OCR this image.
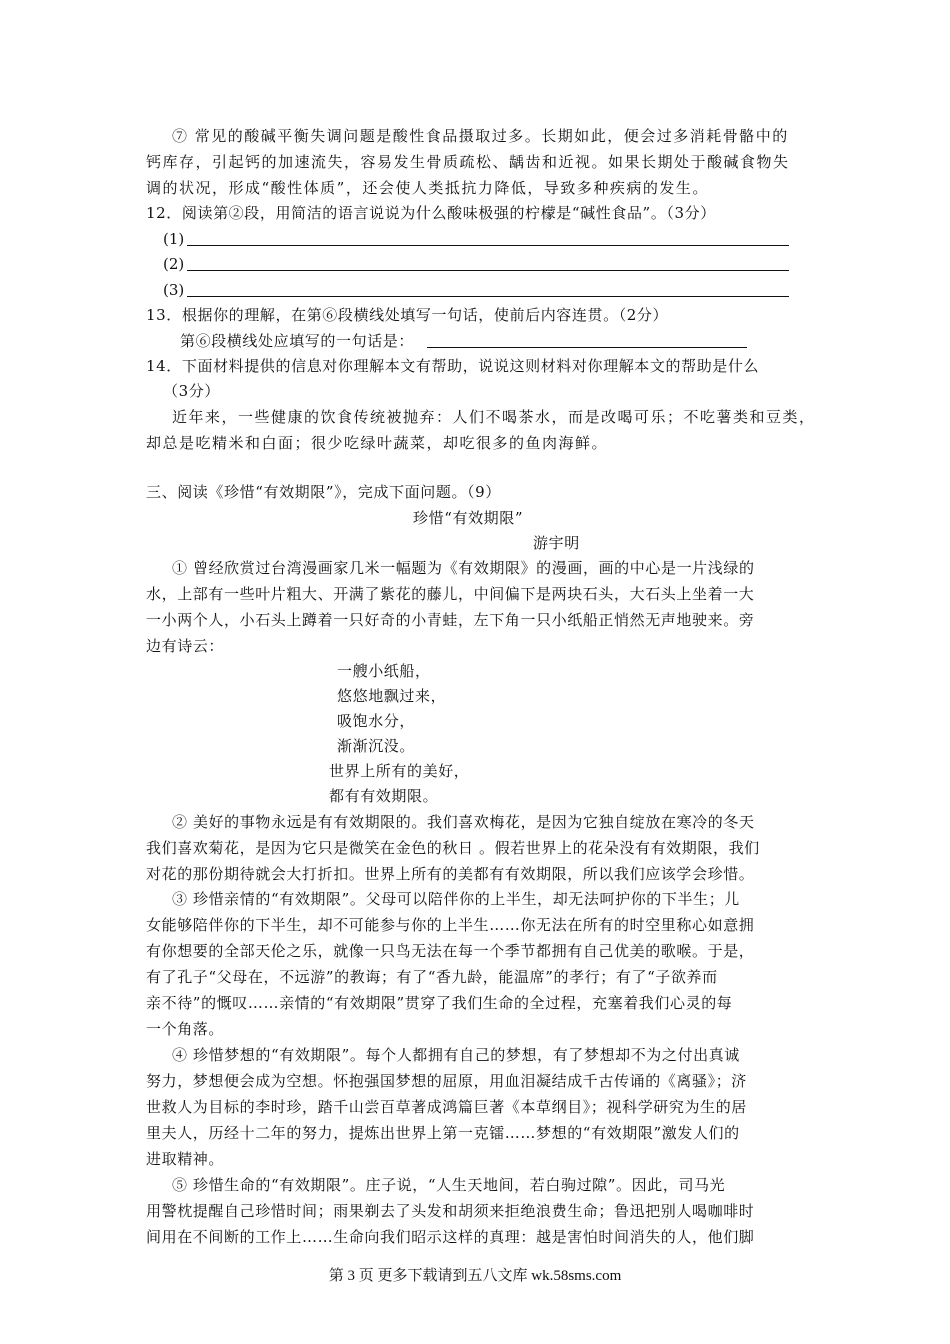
⑦ 常见的酸碱平衡失调问题是酸性食品摄取过多。长期如此，便会过多消耗骨骼中的
钙库存，引起钙的加速流失，容易发生骨质疏松、龋齿和近视。如果长期处于酸碱食物失
调的状况，形成“酸性体质”，还会使人类抵抗力降低，导致多种疾病的发生。
12．阅读第②段，用简洁的语言说说为什么酸味极强的柠檬是“碱性食品”。（3分）
(1)
(2)
(3)
13．根据你的理解，在第⑥段横线处填写一句话，使前后内容连贯。（2分）
第⑥段横线处应填写的一句话是：
14．下面材料提供的信息对你理解本文有帮助，说说这则材料对你理解本文的帮助是什么
（3分）
近年来，一些健康的饮食传统被抛弃：人们不喝茶水，而是改喝可乐；不吃薯类和豆类，
却总是吃精米和白面；很少吃绿叶蔬菜，却吃很多的鱼肉海鲜。
三、阅读《珍惜“有效期限”》，完成下面问题。（9）
珍惜“有效期限”
游宇明
① 曾经欣赏过台湾漫画家几米一幅题为《有效期限》的漫画，画的中心是一片浅绿的
水，上部有一些叶片粗大、开满了紫花的藤儿，中间偏下是两块石头，大石头上坐着一大
一小两个人，小石头上蹲着一只好奇的小青蛙，左下角一只小纸船正悄然无声地驶来。旁
边有诗云：
一艘小纸船，
悠悠地飘过来，
吸饱水分，
渐渐沉没。
世界上所有的美好，
都有有效期限。
② 美好的事物永远是有有效期限的。我们喜欢梅花，是因为它独自绽放在寒冷的冬天
我们喜欢菊花，是因为它只是微笑在金色的秋日 。假若世界上的花朵没有有效期限，我们
对花的那份期待就会大打折扣。世界上所有的美都有有效期限，所以我们应该学会珍惜。
③ 珍惜亲情的“有效期限”。父母可以陪伴你的上半生，却无法呵护你的下半生；儿
女能够陪伴你的下半生，却不可能参与你的上半生……你无法在所有的时空里称心如意拥
有你想要的全部天伦之乐，就像一只鸟无法在每一个季节都拥有自己优美的歌喉。于是，
有了孔子“父母在，不远游”的教诲；有了“香九龄，能温席”的孝行；有了“子欲养而
亲不待”的慨叹……亲情的“有效期限”贯穿了我们生命的全过程，充塞着我们心灵的每
一个角落。
④ 珍惜梦想的“有效期限”。每个人都拥有自己的梦想，有了梦想却不为之付出真诚
努力，梦想便会成为空想。怀抱强国梦想的屈原，用血泪凝结成千古传诵的《离骚》；济
世救人为目标的李时珍，踏千山尝百草著成鸿篇巨著《本草纲目》；视科学研究为生的居
里夫人，历经十二年的努力，提炼出世界上第一克镭……梦想的“有效期限”激发人们的
进取精神。
⑤ 珍惜生命的“有效期限”。庄子说，“人生天地间，若白驹过隙”。因此，司马光
用警枕提醒自己珍惜时间；雨果剃去了头发和胡须来拒绝浪费生命；鲁迅把别人喝咖啡时
间用在不间断的工作上……生命向我们昭示这样的真理：越是害怕时间消失的人，他们脚
第 3 页 更多下载请到五八文库 wk.58sms.com
